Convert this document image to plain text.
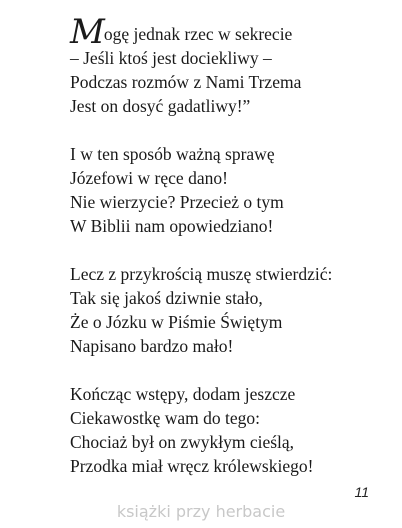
Mogę jednak rzec w sekrecie
– Jeśli ktoś jest dociekliwy –
Podczas rozmów z Nami Trzema
Jest on dosyć gadatliwy!”
I w ten sposób ważną sprawę
Józefowi w ręce dano!
Nie wierzycie? Przecież o tym
W Biblii nam opowiedziano!
Lecz z przykrością muszę stwierdzić:
Tak się jakoś dziwnie stało,
Że o Józku w Piśmie Świętym
Napisano bardzo mało!
Kończąc wstępy, dodam jeszcze
Ciekawostkę wam do tego:
Chociaż był on zwykłym cieślą,
Przodka miał wręcz królewskiego!
11
książki przy herbacie
